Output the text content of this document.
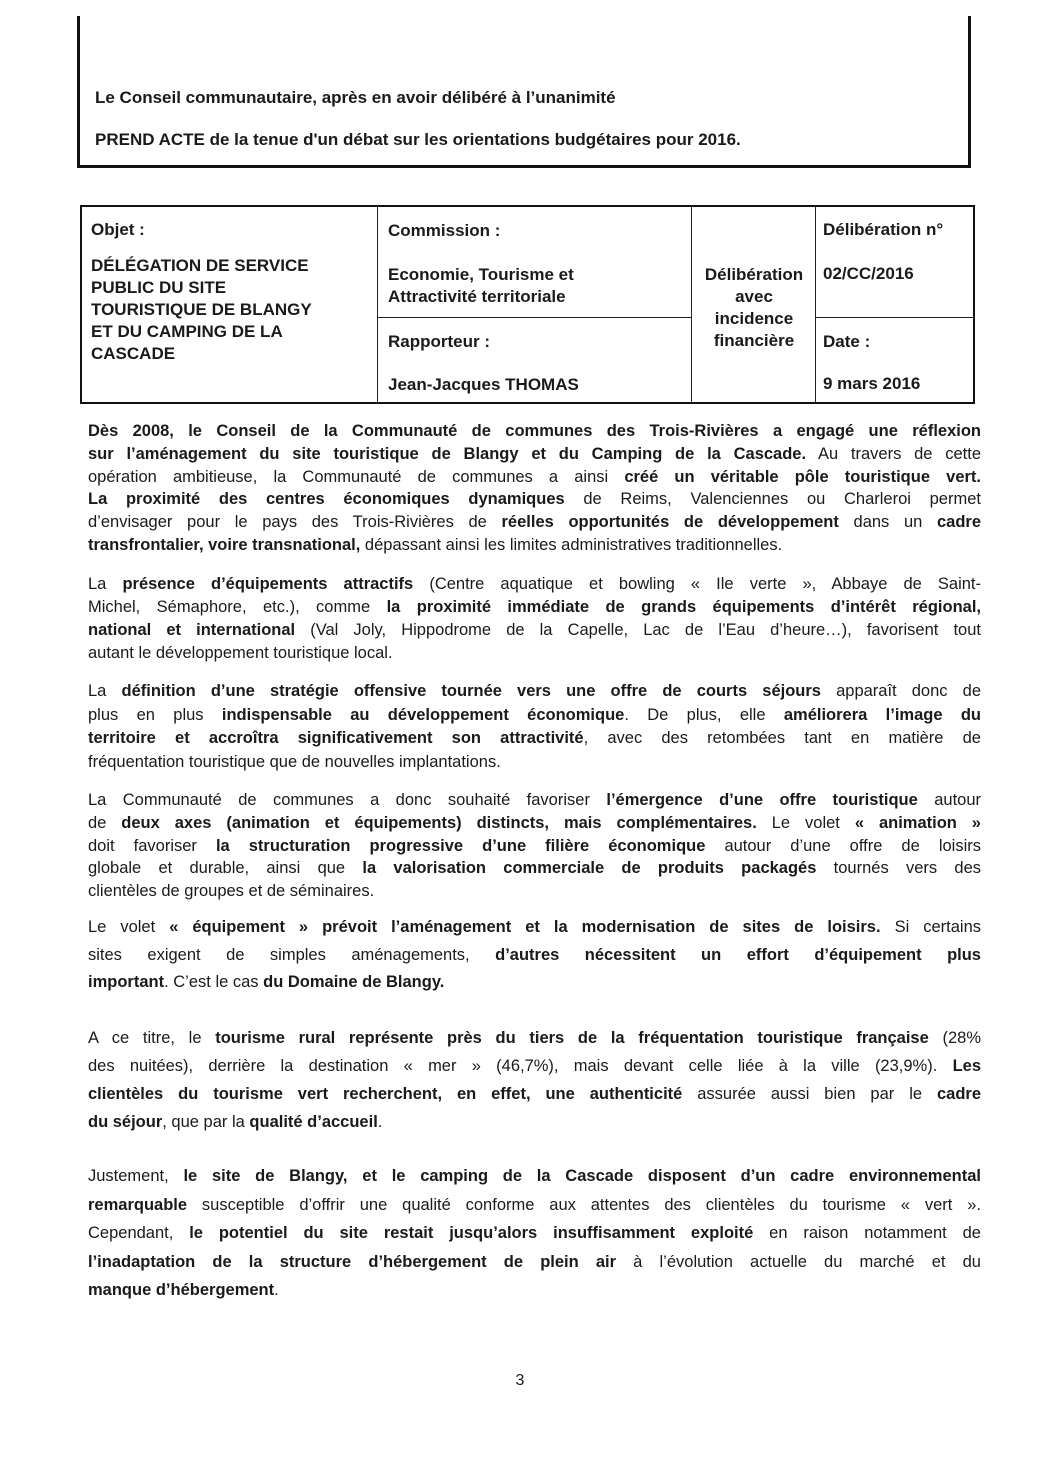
Le Conseil communautaire, après en avoir délibéré à l’unanimité
PREND ACTE de la tenue d'un débat sur les orientations budgétaires pour 2016.
Objet :
DÉLÉGATION DE SERVICE
PUBLIC DU SITE
TOURISTIQUE DE BLANGY
ET DU CAMPING DE LA
CASCADE
Commission :
Economie, Tourisme et
Attractivité territoriale
Rapporteur :
Jean-Jacques THOMAS
Délibération
avec
incidence
financière
Délibération n°
02/CC/2016
Date :
9 mars 2016
Dès 2008, le Conseil de la Communauté de communes des Trois-Rivières a engagé une réflexion
sur l’aménagement du site touristique de Blangy et du Camping de la Cascade. Au travers de cette
opération ambitieuse, la Communauté de communes a ainsi créé un véritable pôle touristique vert.
La proximité des centres économiques dynamiques de Reims, Valenciennes ou Charleroi permet
d’envisager pour le pays des Trois-Rivières de réelles opportunités de développement dans un cadre
transfrontalier, voire transnational, dépassant ainsi les limites administratives traditionnelles.
La présence d’équipements attractifs (Centre aquatique et bowling « Ile verte », Abbaye de Saint-
Michel, Sémaphore, etc.), comme la proximité immédiate de grands équipements d’intérêt régional,
national et international (Val Joly, Hippodrome de la Capelle, Lac de l’Eau d’heure…), favorisent tout
autant le développement touristique local.
La définition d’une stratégie offensive tournée vers une offre de courts séjours apparaît donc de
plus en plus indispensable au développement économique. De plus, elle améliorera l’image du
territoire et accroîtra significativement son attractivité, avec des retombées tant en matière de
fréquentation touristique que de nouvelles implantations.
La Communauté de communes a donc souhaité favoriser l’émergence d’une offre touristique autour
de deux axes (animation et équipements) distincts, mais complémentaires. Le volet « animation »
doit favoriser la structuration progressive d’une filière économique autour d’une offre de loisirs
globale et durable, ainsi que la valorisation commerciale de produits packagés tournés vers des
clientèles de groupes et de séminaires.
Le volet « équipement » prévoit l’aménagement et la modernisation de sites de loisirs. Si certains
sites exigent de simples aménagements, d’autres nécessitent un effort d’équipement plus
important. C’est le cas du Domaine de Blangy.
A ce titre, le tourisme rural représente près du tiers de la fréquentation touristique française (28%
des nuitées), derrière la destination « mer » (46,7%), mais devant celle liée à la ville (23,9%). Les
clientèles du tourisme vert recherchent, en effet, une authenticité assurée aussi bien par le cadre
du séjour, que par la qualité d’accueil.
Justement, le site de Blangy, et le camping de la Cascade disposent d’un cadre environnemental
remarquable susceptible d’offrir une qualité conforme aux attentes des clientèles du tourisme « vert ».
Cependant, le potentiel du site restait jusqu’alors insuffisamment exploité en raison notamment de
l’inadaptation de la structure d’hébergement de plein air à l’évolution actuelle du marché et du
manque d’hébergement.
3
